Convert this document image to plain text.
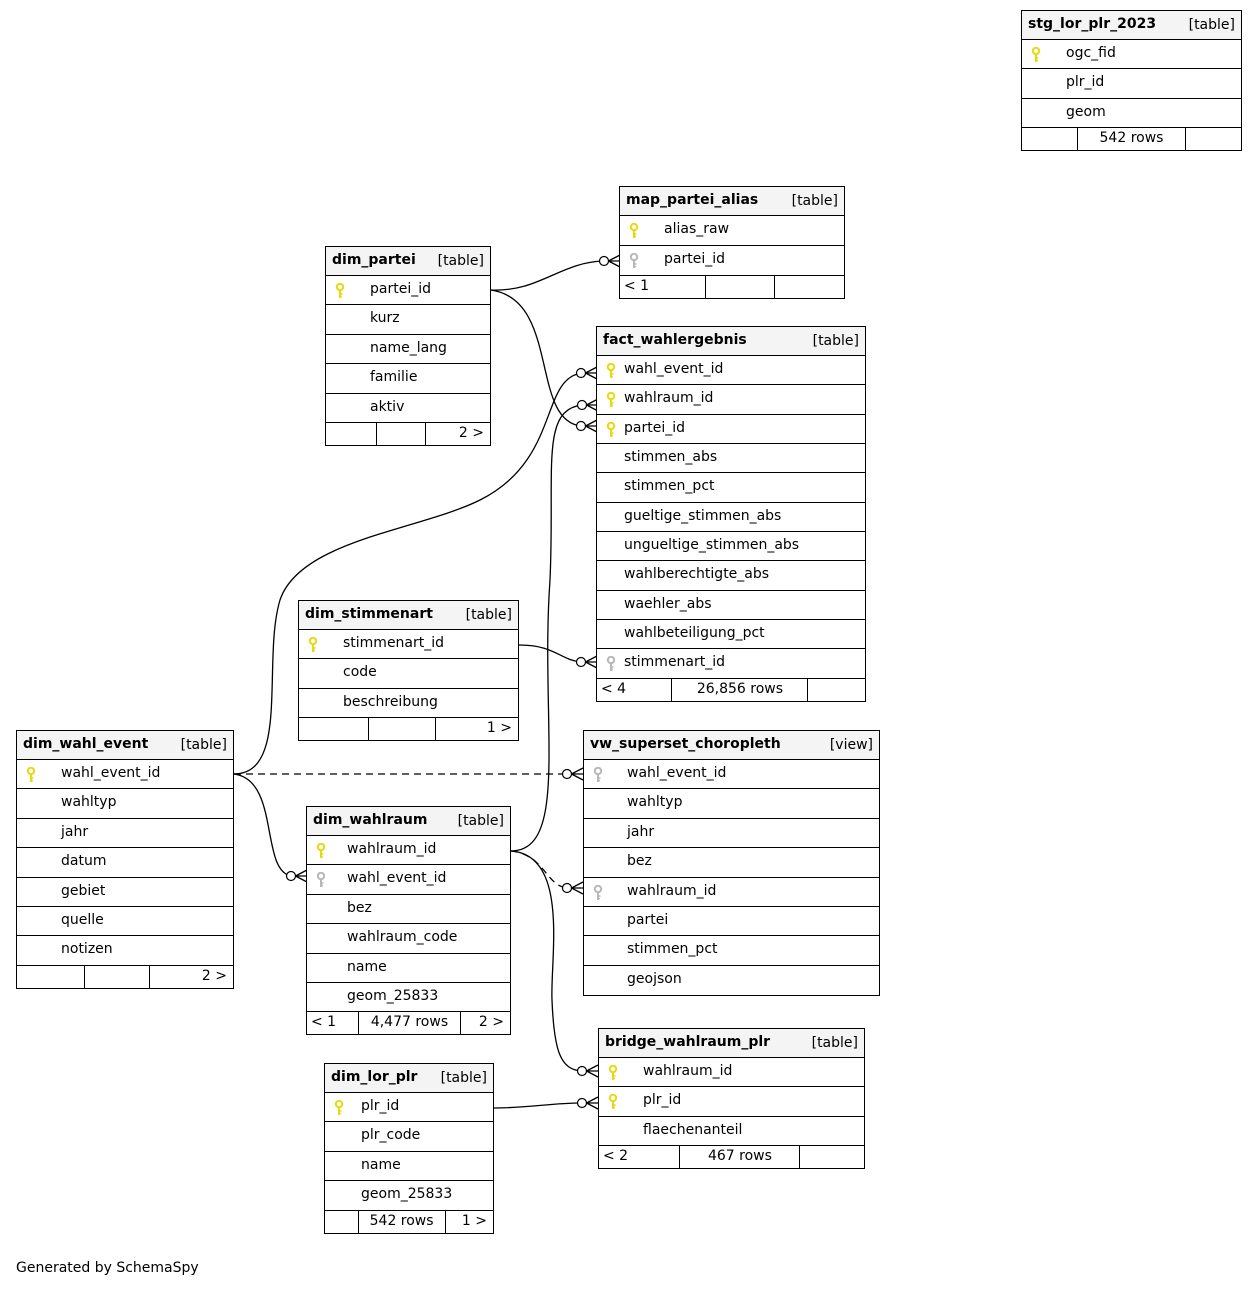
stg_lor_plr_2023 [table]
ogc_fid
plr_id
geom
542 rows
map_partei_alias [table]
alias_raw
partei_id
< 1
dim_partei [table]
partei_id
kurz
name_lang
familie
aktiv
2 >
fact_wahlergebnis	[table]
wahl_event_id
wahlraum_id
partei_id
stimmen_abs
stimmen_pct
gueltige_stimmen_abs
ungueltige_stimmen_abs
wahlberechtigte_abs
waehler_abs
wahlbeteiligung_pct
stimmenart_id
< 4	26,856 rows
dim_stimmenart [table]
stimmenart_id
code
beschreibung
1 >
dim_wahl_event [table]
wahl_event_id
wahltyp
jahr
datum
gebiet
quelle
notizen
2 >
vw_superset_choropleth	[view]
wahl_event_id
wahltyp
jahr
bez
wahlraum_id
partei
stimmen_pct
geojson
dim_wahlraum [table]
wahlraum_id
wahl_event_id
bez
wahlraum_code
name
geom_25833
< 1	4,477 rows	2 >
bridge_wahlraum_plr	[table]
wahlraum_id
plr_id
flaechenanteil
< 2	467 rows
dim_lor_plr [table]
plr_id
plr_code
name
geom_25833
542 rows	1 >
Generated by SchemaSpy
